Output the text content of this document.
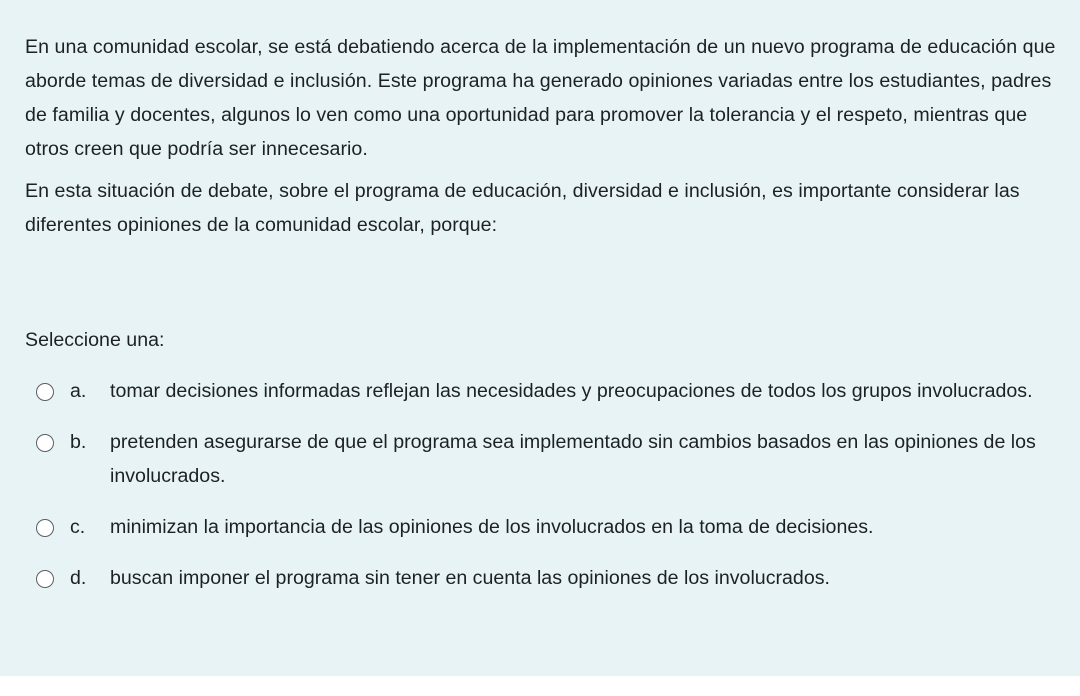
En una comunidad escolar, se está debatiendo acerca de la implementación de un nuevo programa de educación que aborde temas de diversidad e inclusión. Este programa ha generado opiniones variadas entre los estudiantes, padres de familia y docentes, algunos lo ven como una oportunidad para promover la tolerancia y el respeto, mientras que otros creen que podría ser innecesario.

En esta situación de debate, sobre el programa de educación, diversidad e inclusión, es importante considerar las diferentes opiniones de la comunidad escolar, porque:

Seleccione una:

a.	tomar decisiones informadas reflejan las necesidades y preocupaciones de todos los grupos involucrados.
b.	pretenden asegurarse de que el programa sea implementado sin cambios basados en las opiniones de los involucrados.
c.	minimizan la importancia de las opiniones de los involucrados en la toma de decisiones.
d.	buscan imponer el programa sin tener en cuenta las opiniones de los involucrados.
